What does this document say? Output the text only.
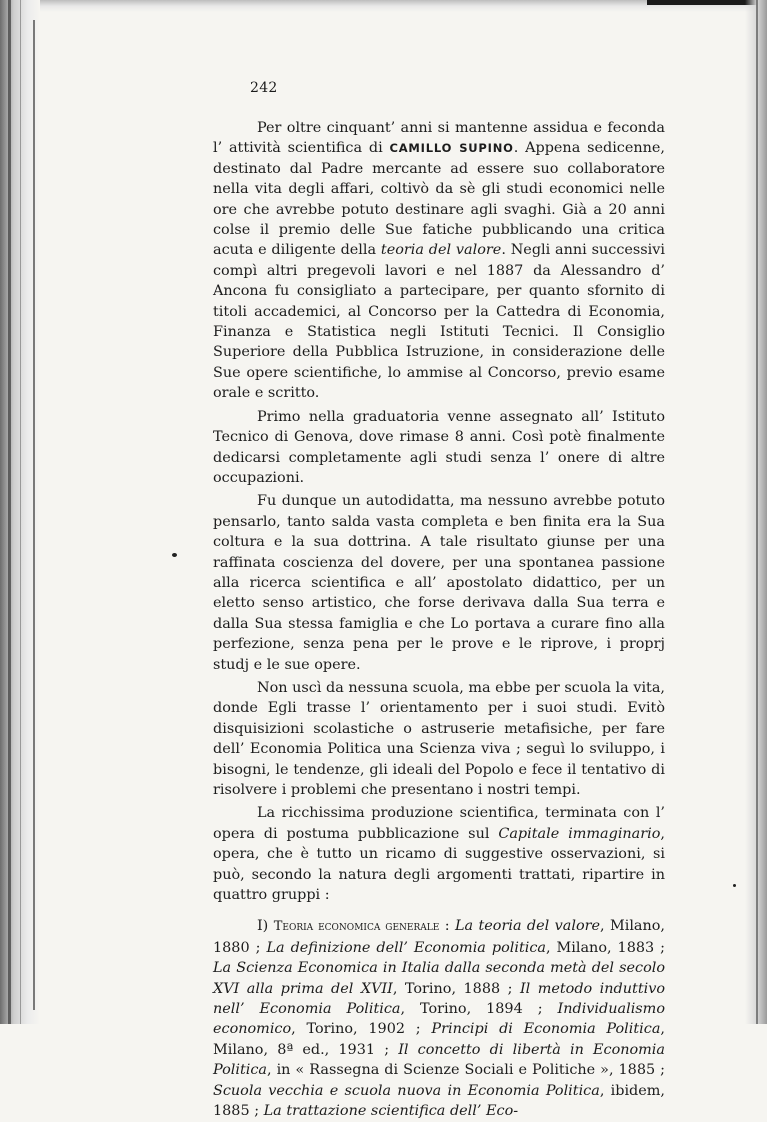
242

Per oltre cinquant’ anni si mantenne assidua e feconda l’ attività scientifica di CAMILLO SUPINO. Appena sedicenne, destinato dal Padre mercante ad essere suo collaboratore nella vita degli affari, coltivò da sè gli studi economici nelle ore che avrebbe potuto destinare agli svaghi. Già a 20 anni colse il premio delle Sue fatiche pubblicando una critica acuta e diligente della teoria del valore. Negli anni successivi compì altri pregevoli lavori e nel 1887 da Alessandro d’ Ancona fu consigliato a partecipare, per quanto sfornito di titoli accademici, al Concorso per la Cattedra di Economia, Finanza e Statistica negli Istituti Tecnici. Il Consiglio Superiore della Pubblica Istruzione, in considerazione delle Sue opere scientifiche, lo ammise al Concorso, previo esame orale e scritto.

Primo nella graduatoria venne assegnato all’ Istituto Tecnico di Genova, dove rimase 8 anni. Così potè finalmente dedicarsi completamente agli studi senza l’ onere di altre occupazioni.

Fu dunque un autodidatta, ma nessuno avrebbe potuto pensarlo, tanto salda vasta completa e ben finita era la Sua coltura e la sua dottrina. A tale risultato giunse per una raffinata coscienza del dovere, per una spontanea passione alla ricerca scientifica e all’ apostolato didattico, per un eletto senso artistico, che forse derivava dalla Sua terra e dalla Sua stessa famiglia e che Lo portava a curare fino alla perfezione, senza pena per le prove e le riprove, i proprj studj e le sue opere.

Non uscì da nessuna scuola, ma ebbe per scuola la vita, donde Egli trasse l’ orientamento per i suoi studi. Evitò disquisizioni scolastiche o astruserie metafisiche, per fare dell’ Economia Politica una Scienza viva ; seguì lo sviluppo, i bisogni, le tendenze, gli ideali del Popolo e fece il tentativo di risolvere i problemi che presentano i nostri tempi.

La ricchissima produzione scientifica, terminata con l’ opera di postuma pubblicazione sul Capitale immaginario, opera, che è tutto un ricamo di suggestive osservazioni, si può, secondo la natura degli argomenti trattati, ripartire in quattro gruppi :

I) Teoria economica generale : La teoria del valore, Milano, 1880 ; La definizione dell’ Economia politica, Milano, 1883 ; La Scienza Economica in Italia dalla seconda metà del secolo XVI alla prima del XVII, Torino, 1888 ; Il metodo induttivo nell’ Economia Politica, Torino, 1894 ; Individualismo economico, Torino, 1902 ; Principi di Economia Politica, Milano, 8ª ed., 1931 ; Il concetto di libertà in Economia Politica, in « Rassegna di Scienze Sociali e Politiche », 1885 ; Scuola vecchia e scuola nuova in Economia Politica, ibidem, 1885 ; La trattazione scientifica dell’ Eco-
